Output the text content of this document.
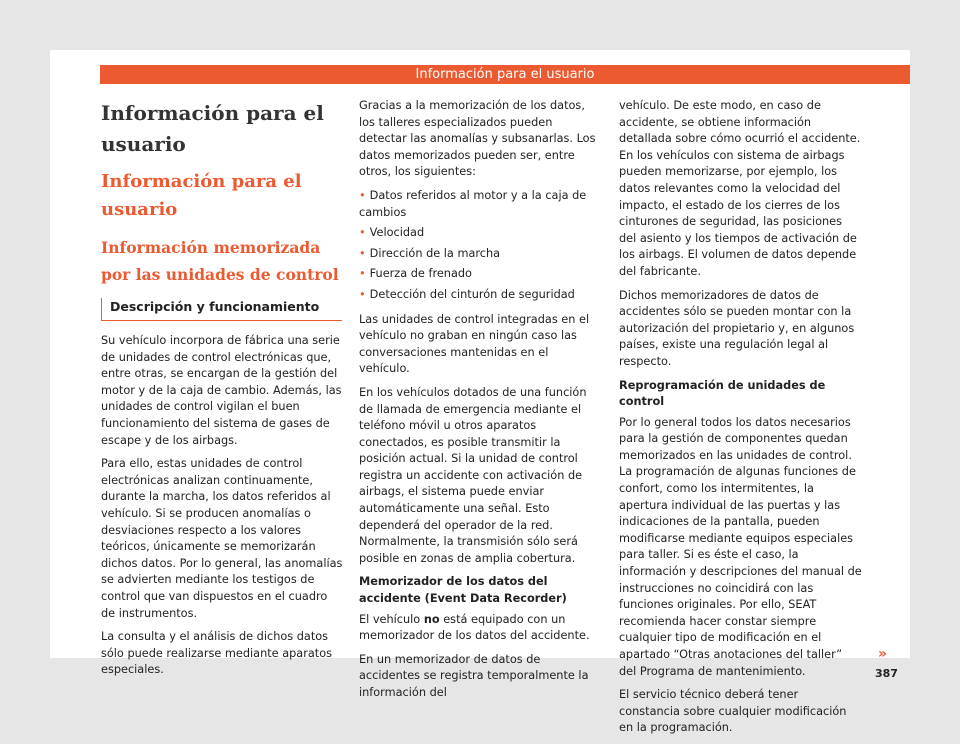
Información para el usuario
Información para el usuario
Información para el usuario
Información memorizada por las unidades de control
Descripción y funcionamiento

Su vehículo incorpora de fábrica una serie de unidades de control electrónicas que, entre otras, se encargan de la gestión del motor y de la caja de cambio. Además, las unidades de control vigilan el buen funcionamiento del sistema de gases de escape y de los airbags.

Para ello, estas unidades de control electrónicas analizan continuamente, durante la marcha, los datos referidos al vehículo. Si se producen anomalías o desviaciones respecto a los valores teóricos, únicamente se memorizarán dichos datos. Por lo general, las anomalías se advierten mediante los testigos de control que van dispuestos en el cuadro de instrumentos.

La consulta y el análisis de dichos datos sólo puede realizarse mediante aparatos especiales.

Gracias a la memorización de los datos, los talleres especializados pueden detectar las anomalías y subsanarlas. Los datos memorizados pueden ser, entre otros, los siguientes:

• Datos referidos al motor y a la caja de cambios
• Velocidad
• Dirección de la marcha
• Fuerza de frenado
• Detección del cinturón de seguridad

Las unidades de control integradas en el vehículo no graban en ningún caso las conversaciones mantenidas en el vehículo.

En los vehículos dotados de una función de llamada de emergencia mediante el teléfono móvil u otros aparatos conectados, es posible transmitir la posición actual. Si la unidad de control registra un accidente con activación de airbags, el sistema puede enviar automáticamente una señal. Esto dependerá del operador de la red. Normalmente, la transmisión sólo será posible en zonas de amplia cobertura.

Memorizador de los datos del accidente (Event Data Recorder)

El vehículo no está equipado con un memorizador de los datos del accidente.

En un memorizador de datos de accidentes se registra temporalmente la información del

vehículo. De este modo, en caso de accidente, se obtiene información detallada sobre cómo ocurrió el accidente. En los vehículos con sistema de airbags pueden memorizarse, por ejemplo, los datos relevantes como la velocidad del impacto, el estado de los cierres de los cinturones de seguridad, las posiciones del asiento y los tiempos de activación de los airbags. El volumen de datos depende del fabricante.

Dichos memorizadores de datos de accidentes sólo se pueden montar con la autorización del propietario y, en algunos países, existe una regulación legal al respecto.

Reprogramación de unidades de control

Por lo general todos los datos necesarios para la gestión de componentes quedan memorizados en las unidades de control. La programación de algunas funciones de confort, como los intermitentes, la apertura individual de las puertas y las indicaciones de la pantalla, pueden modificarse mediante equipos especiales para taller. Si es éste el caso, la información y descripciones del manual de instrucciones no coincidirá con las funciones originales. Por ello, SEAT recomienda hacer constar siempre cualquier tipo de modificación en el apartado “Otras anotaciones del taller” del Programa de mantenimiento.

El servicio técnico deberá tener constancia sobre cualquier modificación en la programación.

»
387
